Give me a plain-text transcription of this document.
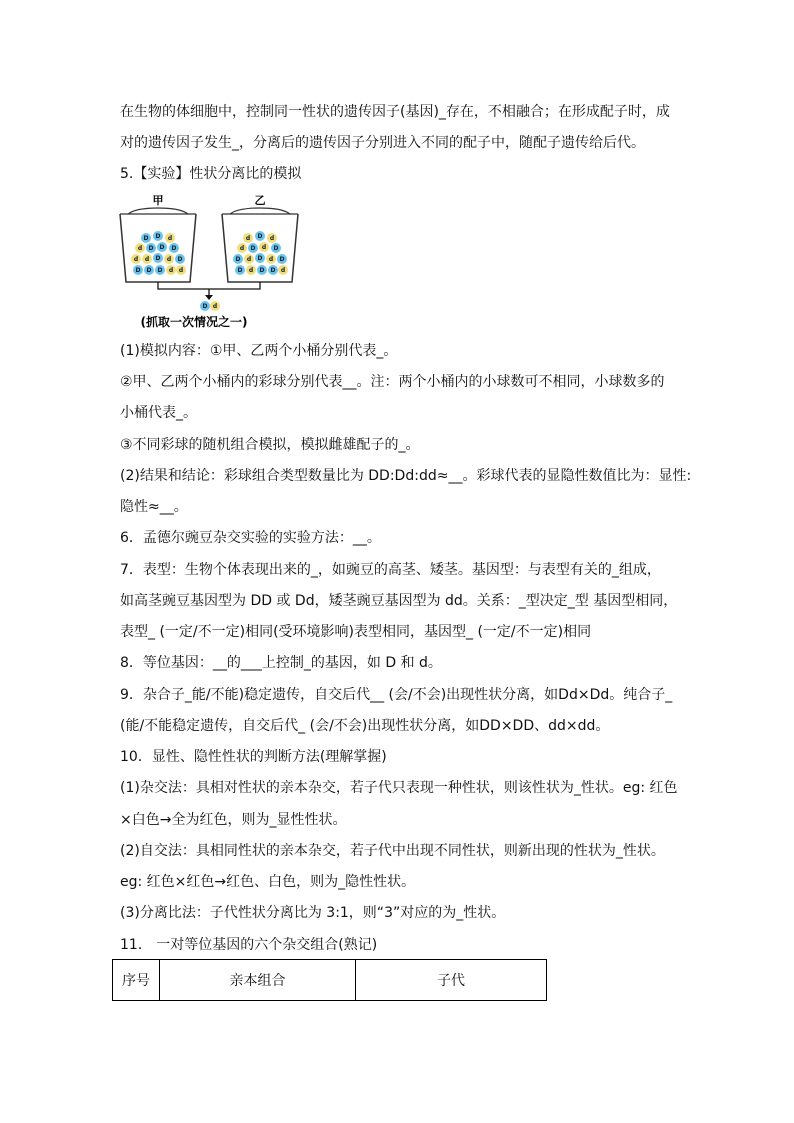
在生物的体细胞中，控制同一性状的遗传因子(基因)_存在，不相融合；在形成配子时，成
对的遗传因子发生_，分离后的遗传因子分别进入不同的配子中，随配子遗传给后代。
5.【实验】性状分离比的模拟
甲	乙
D D d
d D D D
d d D d D
D D D d d
d D d
d D d D
D d D d D
D d D D d
D d
(抓取一次情况之一)
(1)模拟内容：①甲、乙两个小桶分别代表_。
②甲、乙两个小桶内的彩球分别代表__。注：两个小桶内的小球数可不相同，小球数多的
小桶代表_。
③不同彩球的随机组合模拟，模拟雌雄配子的_。
(2)结果和结论：彩球组合类型数量比为 DD:Dd:dd≈__。彩球代表的显隐性数值比为：显性:
隐性≈__。
6．孟德尔豌豆杂交实验的实验方法：__。
7．表型：生物个体表现出来的_，如豌豆的高茎、矮茎。基因型：与表型有关的_组成，
如高茎豌豆基因型为 DD 或 Dd，矮茎豌豆基因型为 dd。关系：_型决定_型 基因型相同，
表型_ (一定/不一定)相同(受环境影响)表型相同，基因型_ (一定/不一定)相同
8．等位基因：__的___上控制_的基因，如 D 和 d。
9．杂合子_能/不能)稳定遗传，自交后代__ (会/不会)出现性状分离，如Dd×Dd。纯合子_
(能/不能稳定遗传，自交后代_ (会/不会)出现性状分离，如DD×DD、dd×dd。
10．显性、隐性性状的判断方法(理解掌握)
(1)杂交法：具相对性状的亲本杂交，若子代只表现一种性状，则该性状为_性状。eg: 红色
×白色→全为红色，则为_显性性状。
(2)自交法：具相同性状的亲本杂交，若子代中出现不同性状，则新出现的性状为_性状。
eg: 红色×红色→红色、白色，则为_隐性性状。
(3)分离比法：子代性状分离比为 3:1，则“3”对应的为_性状。
11． 一对等位基因的六个杂交组合(熟记)
序号	亲本组合	子代
